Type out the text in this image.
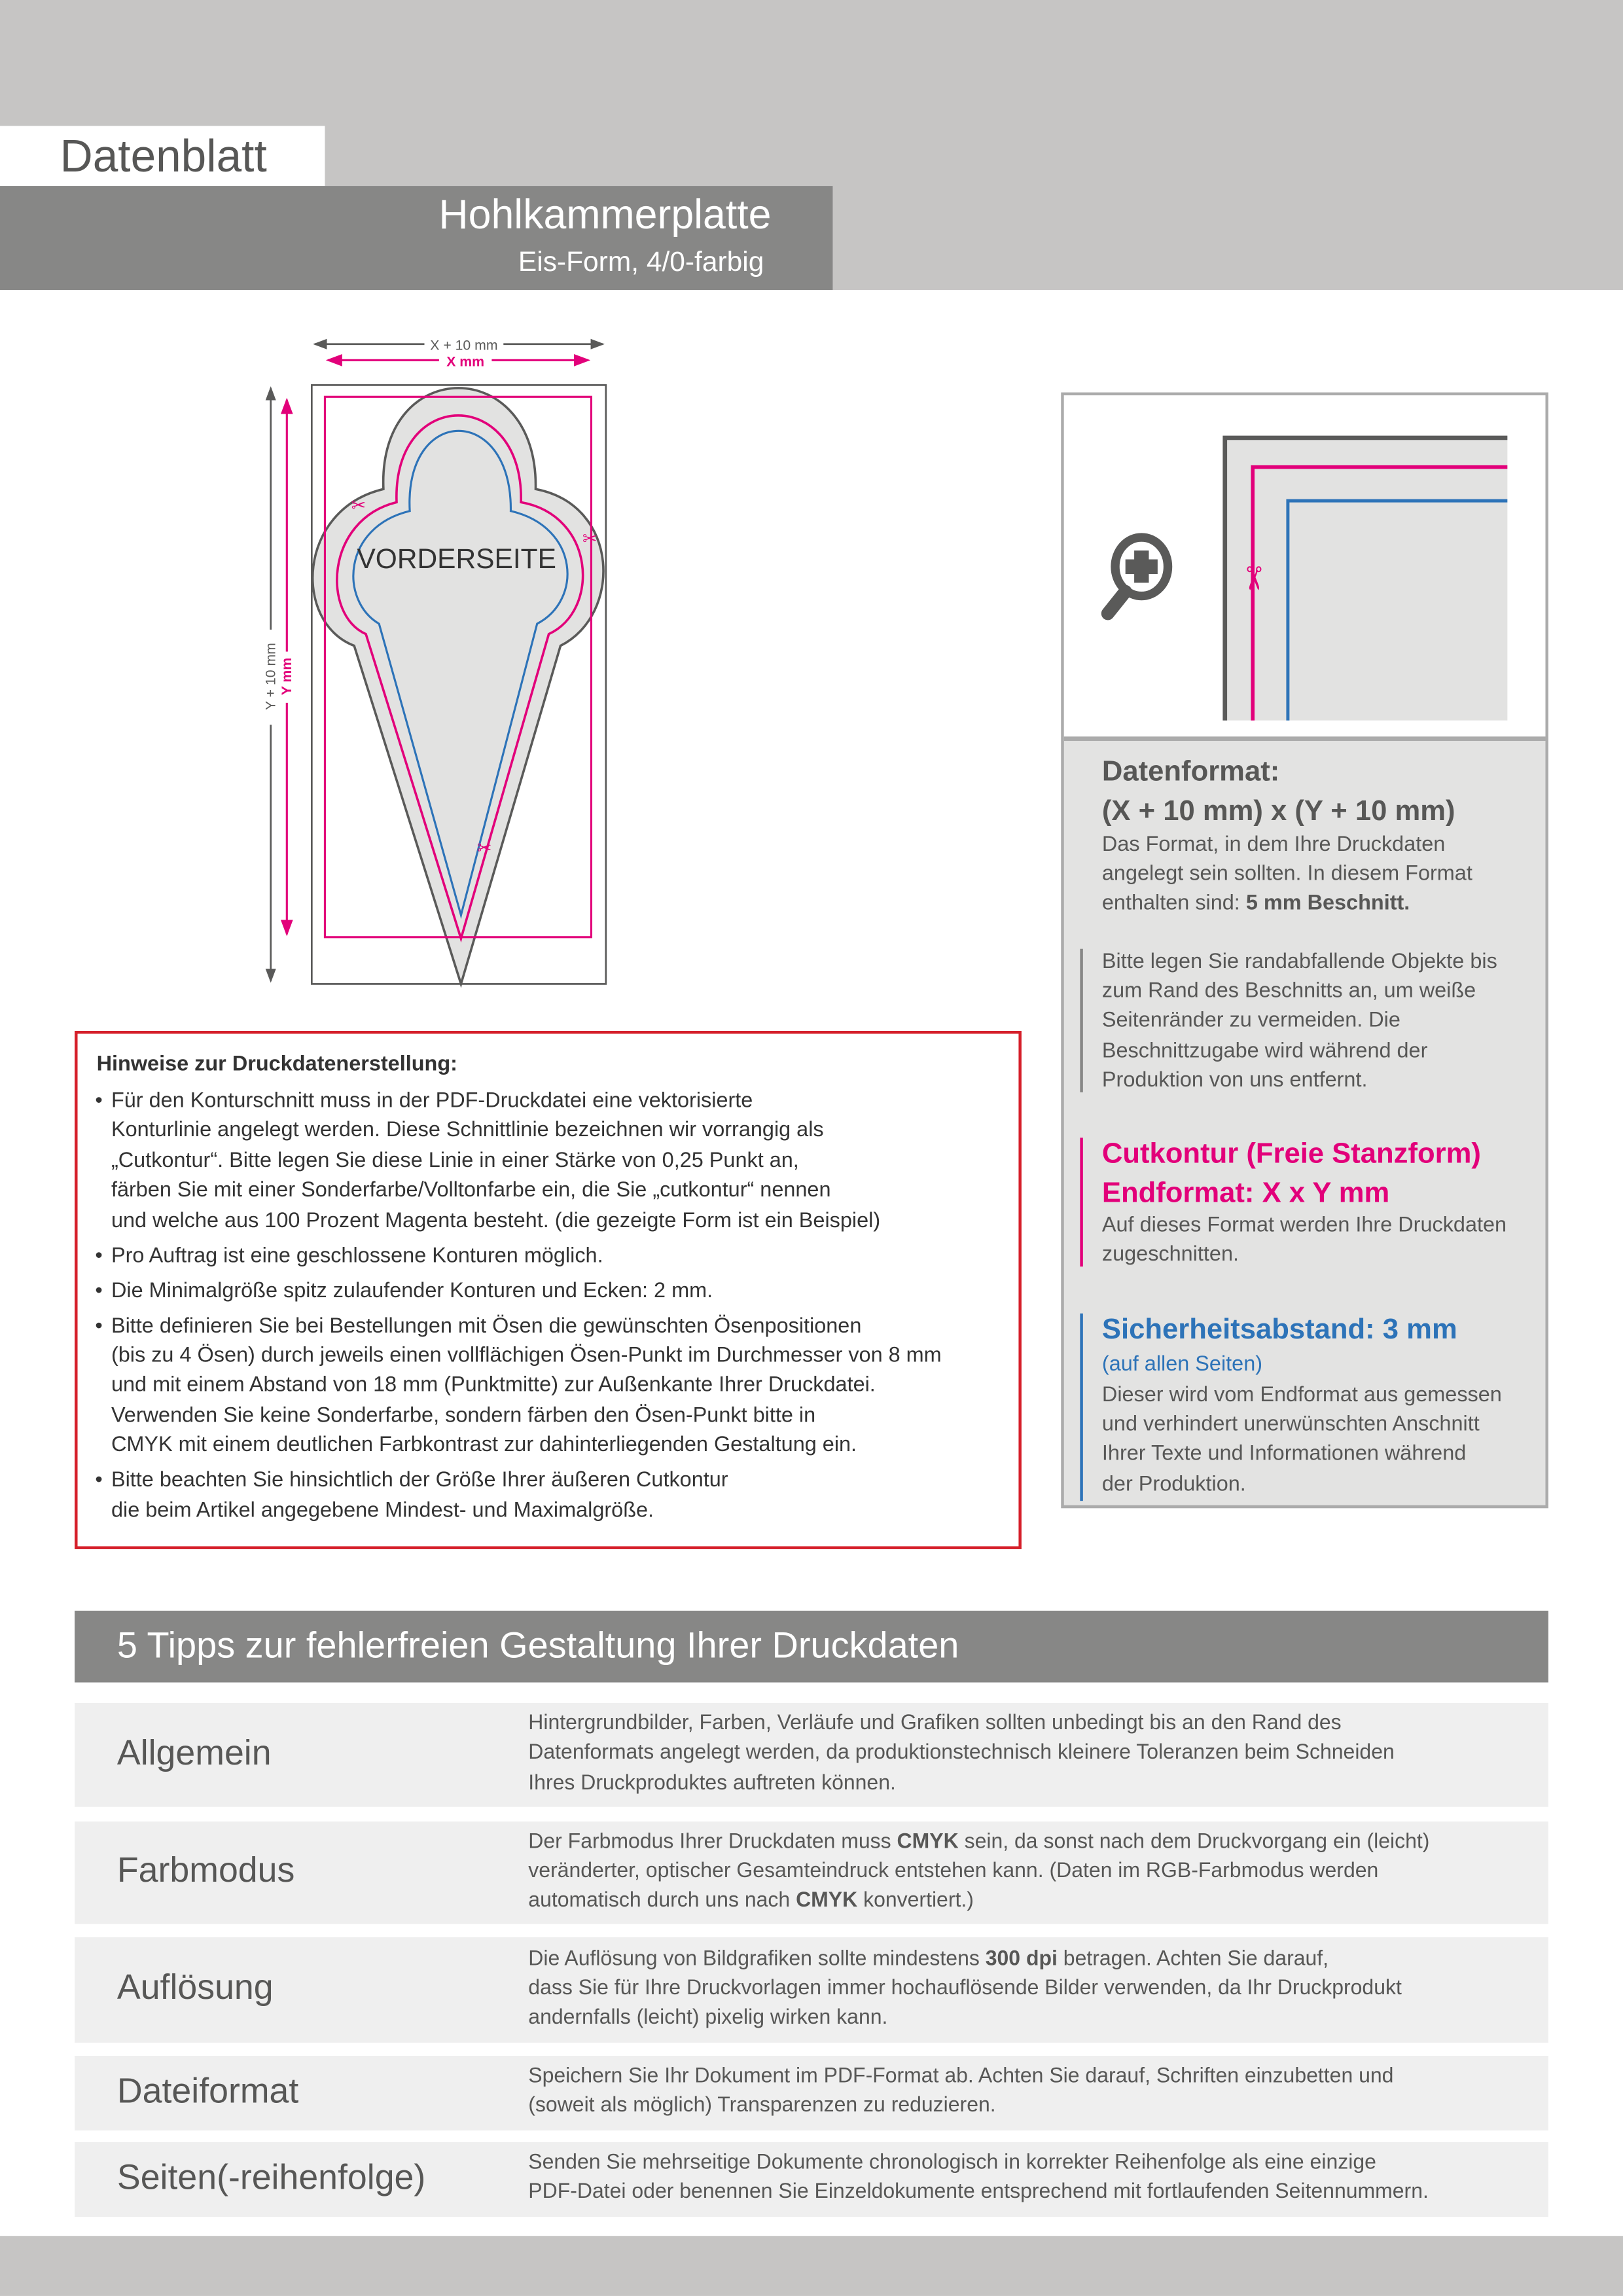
Datenblatt
Hohlkammerplatte
Eis-Form, 4/0-farbig
X + 10 mm
X mm
Y + 10 mm Y mm
VORDERSEITE
✂
✂
✂
✂
Datenformat:
(X + 10 mm) x (Y + 10 mm)
Das Format, in dem Ihre Druckdaten
angelegt sein sollten. In diesem Format
enthalten sind: 5 mm Beschnitt.
Bitte legen Sie randabfallende Objekte bis
zum Rand des Beschnitts an, um weiße
Seitenränder zu vermeiden. Die
Beschnittzugabe wird während der
Produktion von uns entfernt.
Cutkontur (Freie Stanzform)
Endformat: X x Y mm
Auf dieses Format werden Ihre Druckdaten
zugeschnitten.
Sicherheitsabstand: 3 mm
(auf allen Seiten)
Dieser wird vom Endformat aus gemessen
und verhindert unerwünschten Anschnitt
Ihrer Texte und Informationen während
der Produktion.
Hinweise zur Druckdatenerstellung:
• Für den Konturschnitt muss in der PDF-Druckdatei eine vektorisierte
Konturlinie angelegt werden. Diese Schnittlinie bezeichnen wir vorrangig als
„Cutkontur“. Bitte legen Sie diese Linie in einer Stärke von 0,25 Punkt an,
färben Sie mit einer Sonderfarbe/Volltonfarbe ein, die Sie „cutkontur“ nennen
und welche aus 100 Prozent Magenta besteht. (die gezeigte Form ist ein Beispiel)
• Pro Auftrag ist eine geschlossene Konturen möglich.
• Die Minimalgröße spitz zulaufender Konturen und Ecken: 2 mm.
• Bitte definieren Sie bei Bestellungen mit Ösen die gewünschten Ösenpositionen
(bis zu 4 Ösen) durch jeweils einen vollflächigen Ösen-Punkt im Durchmesser von 8 mm
und mit einem Abstand von 18 mm (Punktmitte) zur Außenkante Ihrer Druckdatei.
Verwenden Sie keine Sonderfarbe, sondern färben den Ösen-Punkt bitte in
CMYK mit einem deutlichen Farbkontrast zur dahinterliegenden Gestaltung ein.
• Bitte beachten Sie hinsichtlich der Größe Ihrer äußeren Cutkontur
die beim Artikel angegebene Mindest- und Maximalgröße.
5 Tipps zur fehlerfreien Gestaltung Ihrer Druckdaten
Allgemein
Hintergrundbilder, Farben, Verläufe und Grafiken sollten unbedingt bis an den Rand des
Datenformats angelegt werden, da produktionstechnisch kleinere Toleranzen beim Schneiden
Ihres Druckproduktes auftreten können.
Farbmodus
Der Farbmodus Ihrer Druckdaten muss CMYK sein, da sonst nach dem Druckvorgang ein (leicht)
veränderter, optischer Gesamteindruck entstehen kann. (Daten im RGB-Farbmodus werden
automatisch durch uns nach CMYK konvertiert.)
Auflösung
Die Auflösung von Bildgrafiken sollte mindestens 300 dpi betragen. Achten Sie darauf,
dass Sie für Ihre Druckvorlagen immer hochauflösende Bilder verwenden, da Ihr Druckprodukt
andernfalls (leicht) pixelig wirken kann.
Dateiformat	Speichern Sie Ihr Dokument im PDF-Format ab. Achten Sie darauf, Schriften einzubetten und
(soweit als möglich) Transparenzen zu reduzieren.
Seiten(-reihenfolge)	Senden Sie mehrseitige Dokumente chronologisch in korrekter Reihenfolge als eine einzige
PDF-Datei oder benennen Sie Einzeldokumente entsprechend mit fortlaufenden Seitennummern.
